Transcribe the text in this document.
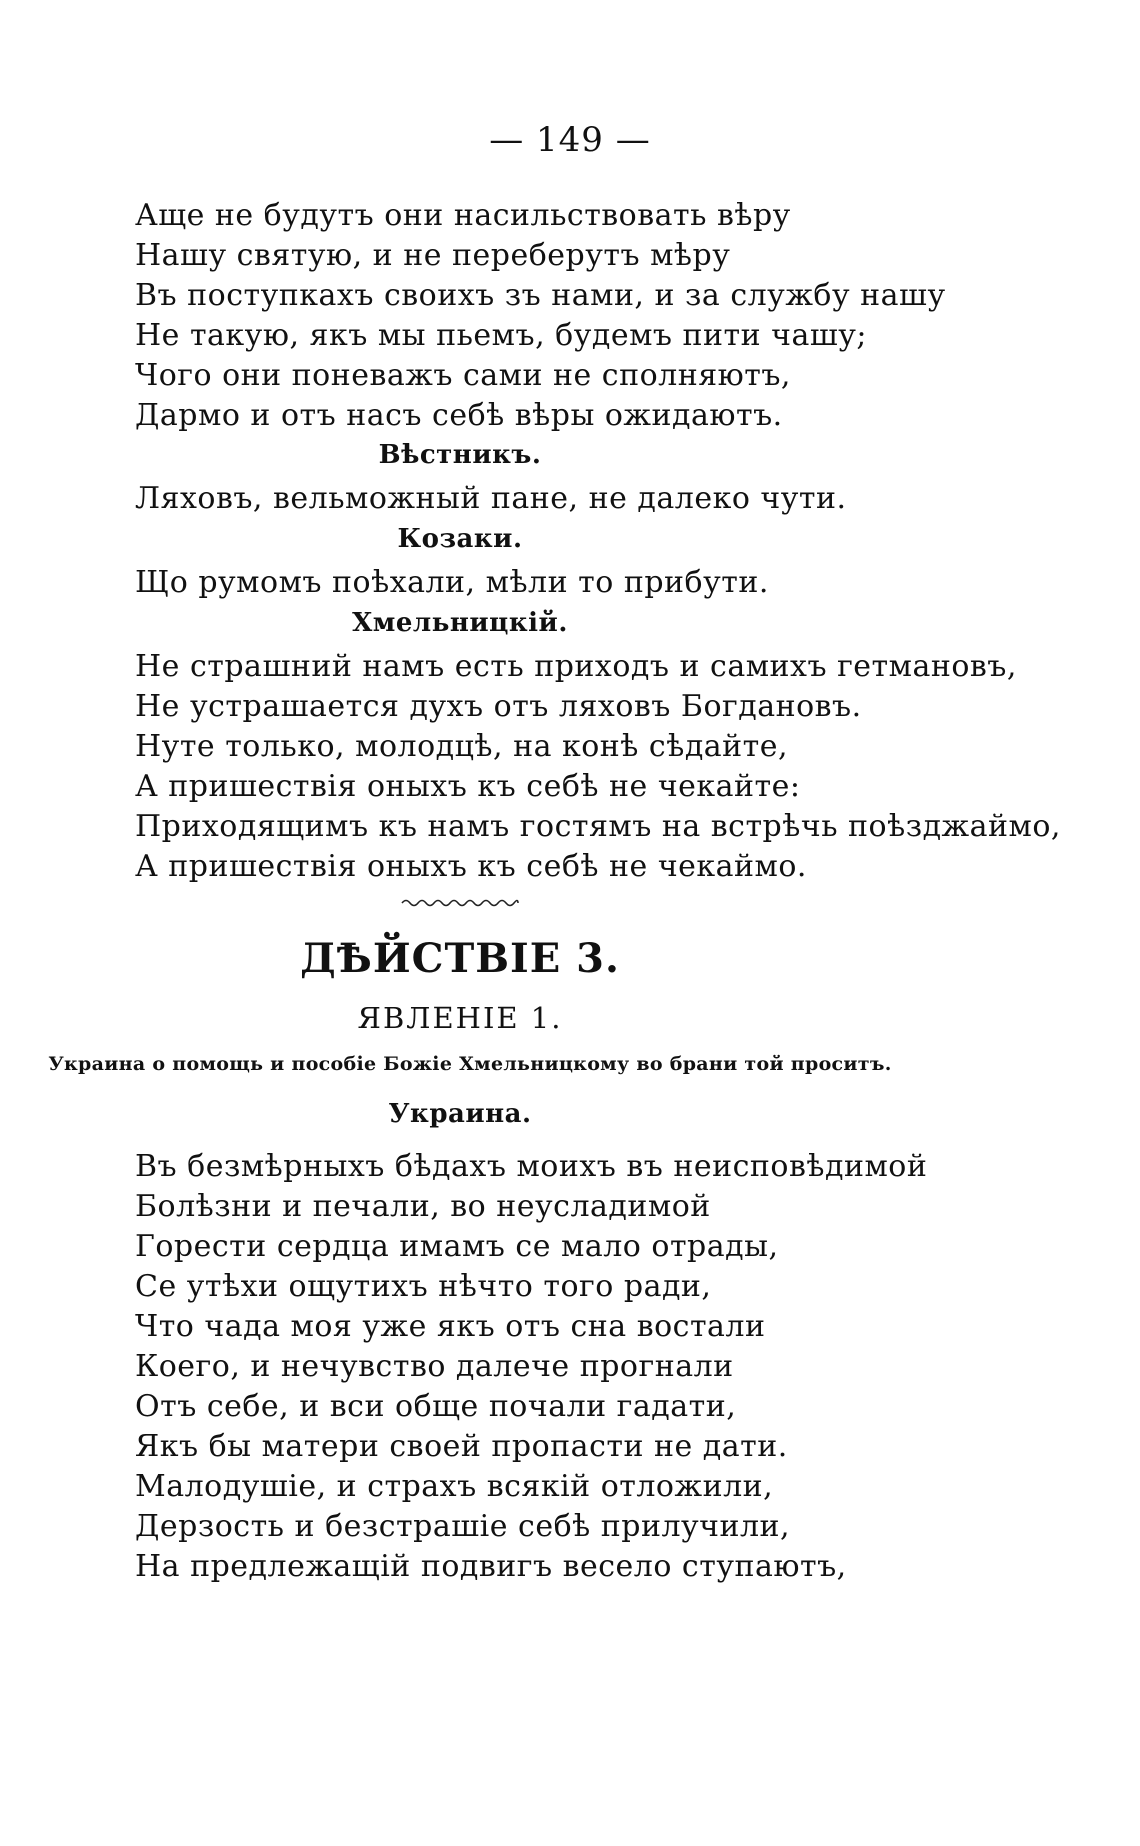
— 149 —
Аще не будутъ они насильствовать вѣру
Нашу святую, и не переберутъ мѣру
Въ поступкахъ своихъ зъ нами, и за службу нашу
Не такую, якъ мы пьемъ, будемъ пити чашу;
Чого они поневажъ сами не сполняютъ,
Дармо и отъ насъ себѣ вѣры ожидаютъ.
Вѣстникъ.
Ляховъ, вельможный пане, не далеко чути.
Козаки.
Що румомъ поѣхали, мѣли то прибути.
Хмельницкій.
Не страшний намъ есть приходъ и самихъ гетмановъ,
Не устрашается духъ отъ ляховъ Богдановъ.
Нуте только, молодцѣ, на конѣ сѣдайте,
А пришествія оныхъ къ себѣ не чекайте:
Приходящимъ къ намъ гостямъ на встрѣчь поѣзджаймо,
А пришествія оныхъ къ себѣ не чекаймо.
ДѢЙСТВІЕ 3.
ЯВЛЕНІЕ 1.
Украина о помощь и пособіе Божіе Хмельницкому во брани той проситъ.
Украина.
Въ безмѣрныхъ бѣдахъ моихъ въ неисповѣдимой
Болѣзни и печали, во неусладимой
Горести сердца имамъ се мало отрады,
Се утѣхи ощутихъ нѣчто того ради,
Что чада моя уже якъ отъ сна востали
Коего, и нечувство далече прогнали
Отъ себе, и вси обще почали гадати,
Якъ бы матери своей пропасти не дати.
Малодушіе, и страхъ всякій отложили,
Дерзость и безстрашіе себѣ прилучили,
На предлежащій подвигъ весело ступаютъ,
